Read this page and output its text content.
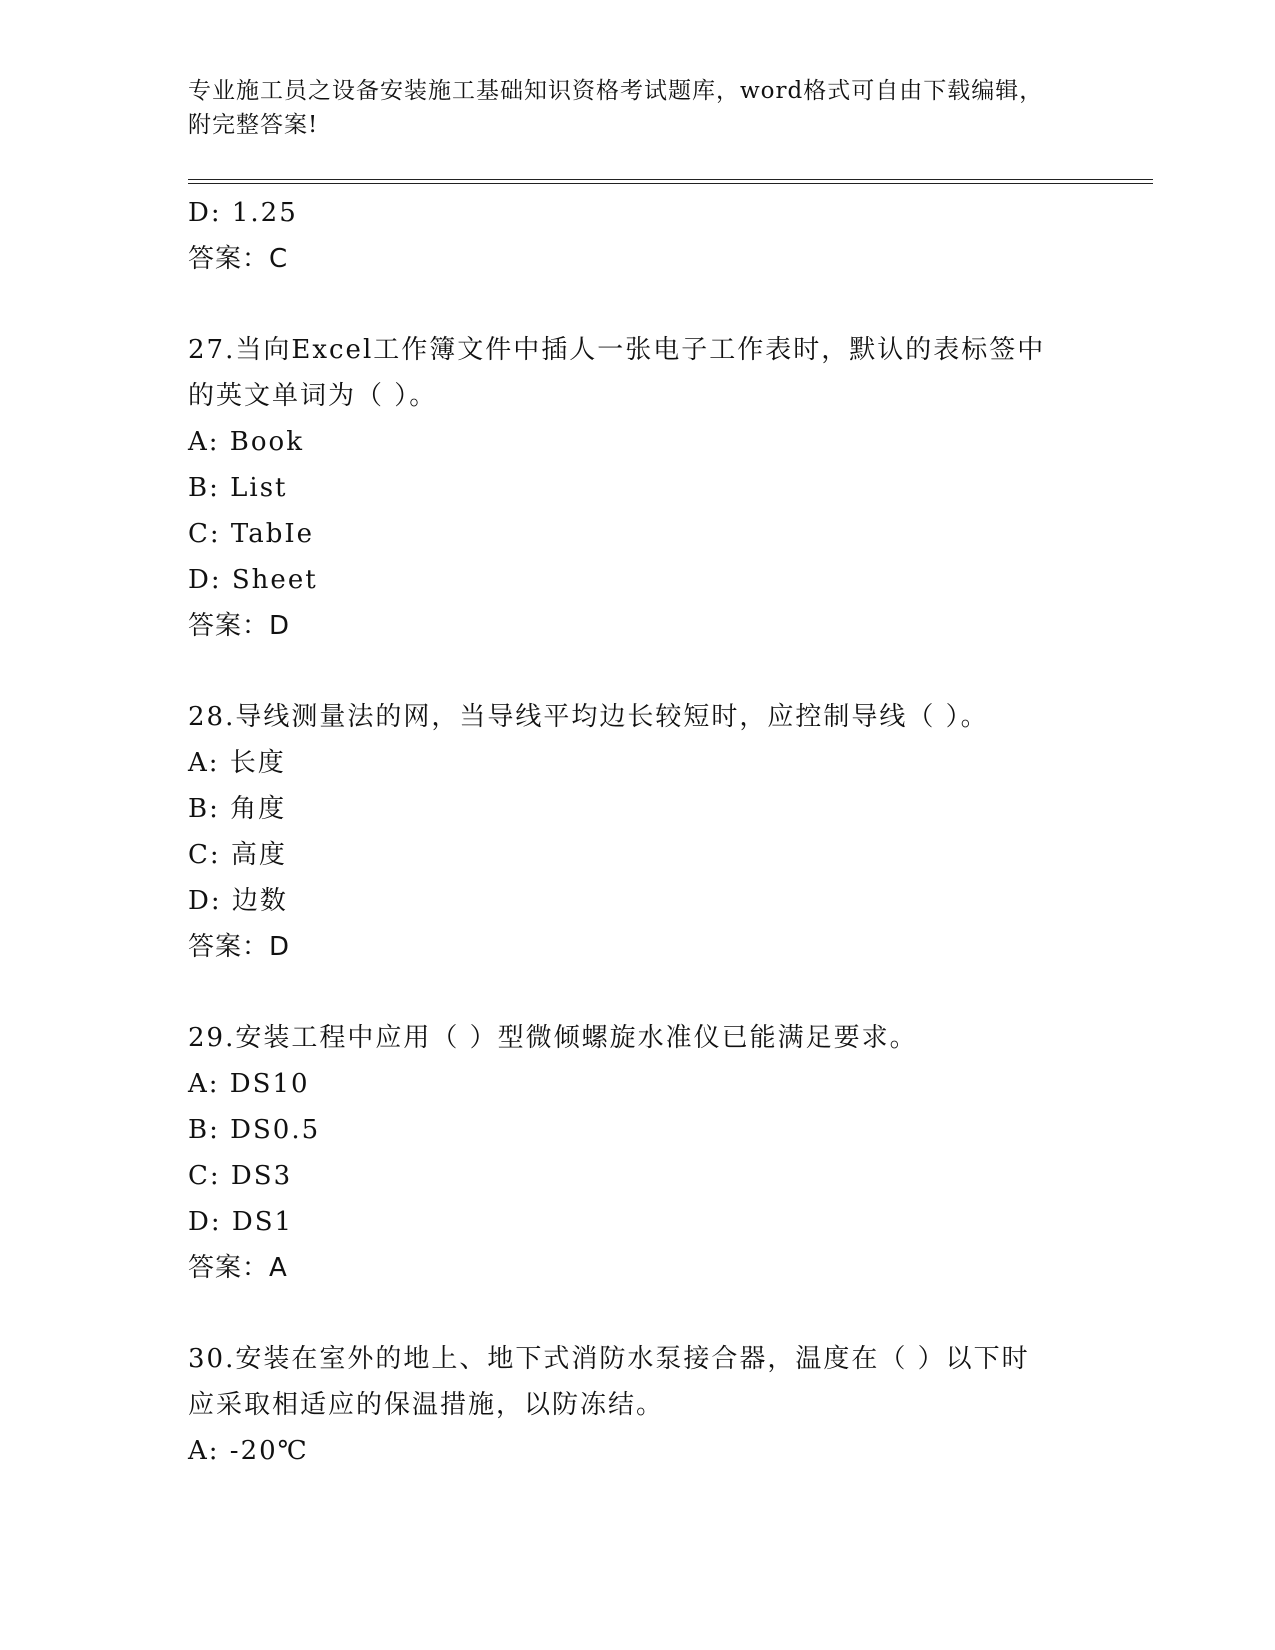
专业施工员之设备安装施工基础知识资格考试题库，word格式可自由下载编辑，
附完整答案!
D: 1.25
答案：C
27.当向Excel工作簿文件中插人一张电子工作表时，默认的表标签中
的英文单词为（ ）。
A: Book
B: List
C: TabIe
D: Sheet
答案：D
28.导线测量法的网，当导线平均边长较短时，应控制导线（ ）。
A: 长度
B: 角度
C: 高度
D: 边数
答案：D
29.安装工程中应用（ ）型微倾螺旋水准仪已能满足要求。
A: DS10
B: DS0.5
C: DS3
D: DS1
答案：A
30.安装在室外的地上、地下式消防水泵接合器，温度在（ ）以下时
应采取相适应的保温措施，以防冻结。
A: -20℃
